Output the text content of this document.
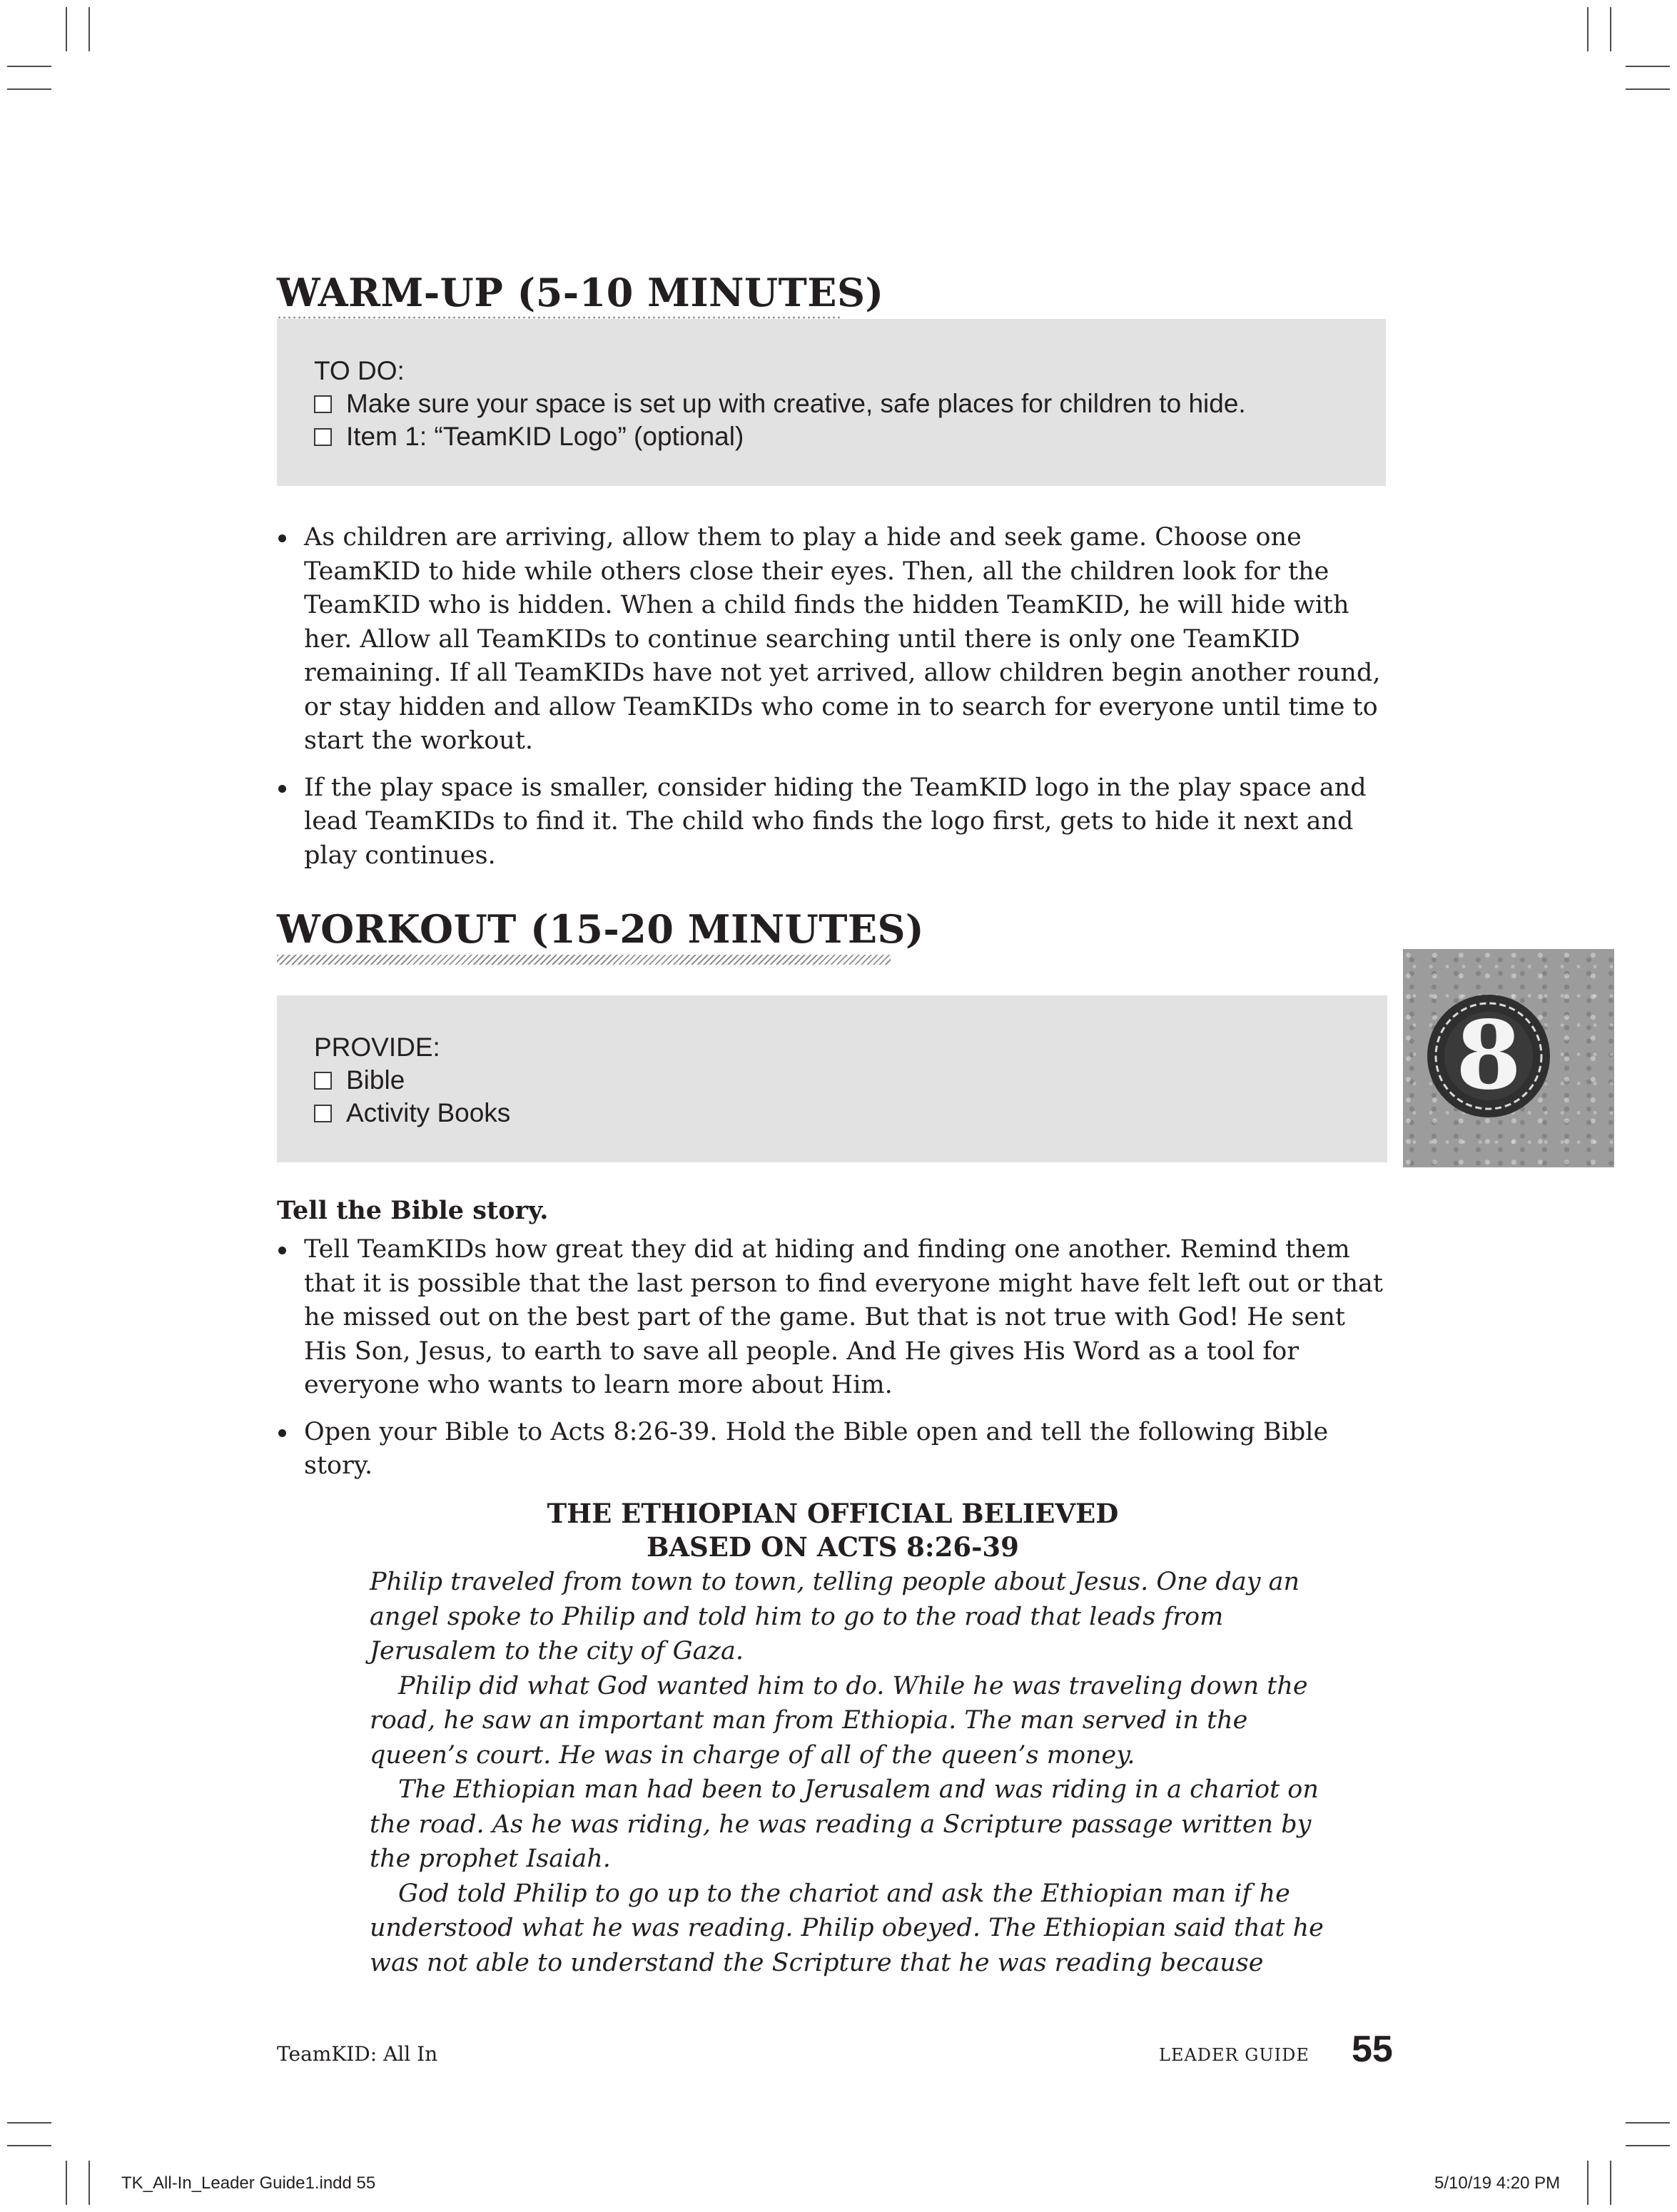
WARM-UP (5-10 MINUTES)
TO DO:
Make sure your space is set up with creative, safe places for children to hide.
Item 1: “TeamKID Logo” (optional)
As children are arriving, allow them to play a hide and seek game. Choose one TeamKID to hide while others close their eyes. Then, all the children look for the TeamKID who is hidden. When a child finds the hidden TeamKID, he will hide with her. Allow all TeamKIDs to continue searching until there is only one TeamKID remaining. If all TeamKIDs have not yet arrived, allow children begin another round, or stay hidden and allow TeamKIDs who come in to search for everyone until time to start the workout.
If the play space is smaller, consider hiding the TeamKID logo in the play space and lead TeamKIDs to find it. The child who finds the logo first, gets to hide it next and play continues.
WORKOUT (15-20 MINUTES)
PROVIDE:
Bible
Activity Books
8
Tell the Bible story.
Tell TeamKIDs how great they did at hiding and finding one another. Remind them that it is possible that the last person to find everyone might have felt left out or that he missed out on the best part of the game. But that is not true with God! He sent His Son, Jesus, to earth to save all people. And He gives His Word as a tool for everyone who wants to learn more about Him.
Open your Bible to Acts 8:26-39. Hold the Bible open and tell the following Bible story.
THE ETHIOPIAN OFFICIAL BELIEVED
BASED ON ACTS 8:26-39

Philip traveled from town to town, telling people about Jesus. One day an angel spoke to Philip and told him to go to the road that leads from Jerusalem to the city of Gaza.

Philip did what God wanted him to do. While he was traveling down the road, he saw an important man from Ethiopia. The man served in the queen’s court. He was in charge of all of the queen’s money.

The Ethiopian man had been to Jerusalem and was riding in a chariot on the road. As he was riding, he was reading a Scripture passage written by the prophet Isaiah.

God told Philip to go up to the chariot and ask the Ethiopian man if he understood what he was reading. Philip obeyed. The Ethiopian said that he was not able to understand the Scripture that he was reading because

TeamKID: All In	LEADER GUIDE 55
TK_All-In_Leader Guide1.indd 55	5/10/19 4:20 PM
